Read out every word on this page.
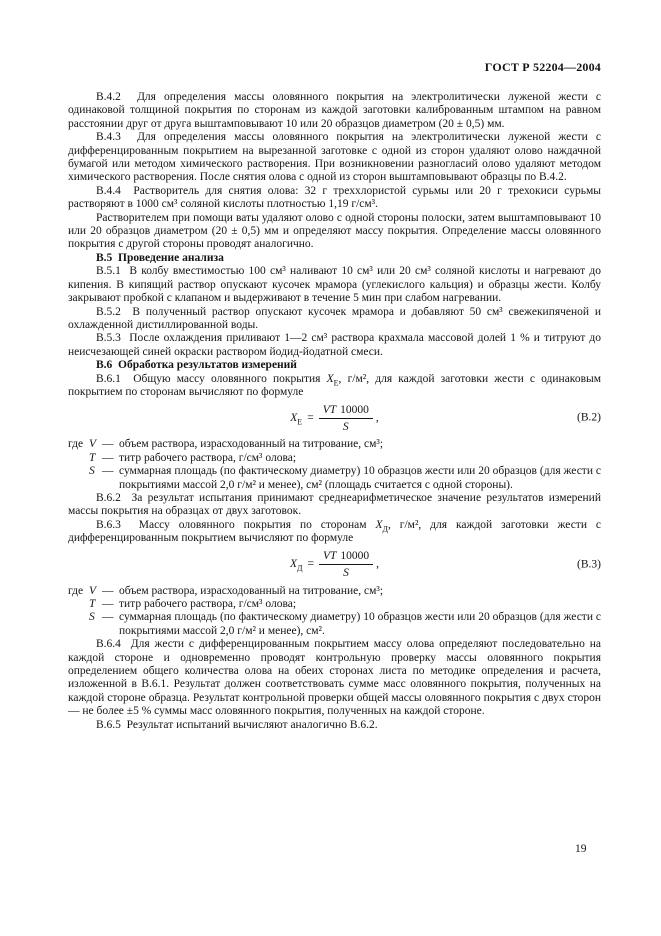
ГОСТ Р 52204—2004

В.4.2  Для определения массы оловянного покрытия на электролитически луженой жести с одинаковой толщиной покрытия по сторонам из каждой заготовки калиброванным штампом на равном расстоянии друг от друга выштамповывают 10 или 20 образцов диаметром (20 ± 0,5) мм.

В.4.3  Для определения массы оловянного покрытия на электролитически луженой жести с дифференцированным покрытием на вырезанной заготовке с одной из сторон удаляют олово наждачной бумагой или методом химического растворения. При возникновении разногласий олово удаляют методом химического растворения. После снятия олова с одной из сторон выштамповывают образцы по В.4.2.

В.4.4  Растворитель для снятия олова: 32 г треххлористой сурьмы или 20 г трехокиси сурьмы растворяют в 1000 см³ соляной кислоты плотностью 1,19 г/см³.

Растворителем при помощи ваты удаляют олово с одной стороны полоски, затем выштамповывают 10 или 20 образцов диаметром (20 ± 0,5) мм и определяют массу покрытия. Определение массы оловянного покрытия с другой стороны проводят аналогично.

В.5  Проведение анализа

В.5.1  В колбу вместимостью 100 см³ наливают 10 см³ или 20 см³ соляной кислоты и нагревают до кипения. В кипящий раствор опускают кусочек мрамора (углекислого кальция) и образцы жести. Колбу закрывают пробкой с клапаном и выдерживают в течение 5 мин при слабом нагревании.

В.5.2  В полученный раствор опускают кусочек мрамора и добавляют 50 см³ свежекипяченой и охлажденной дистиллированной воды.

В.5.3  После охлаждения приливают 1—2 см³ раствора крахмала массовой долей 1 % и титруют до неисчезающей синей окраски раствором йодид-йодатной смеси.

В.6  Обработка результатов измерений

В.6.1  Общую массу оловянного покрытия $X_Е$, г/м², для каждой заготовки жести с одинаковым покрытием по сторонам вычисляют по формуле

$X_Е = \frac{VT 10000}{S}$ ,	(В.2)
где V — объем раствора, израсходованный на титрование, см³;
T — титр рабочего раствора, г/см³ олова;
S — суммарная площадь (по фактическому диаметру) 10 образцов жести или 20 образцов (для жести с покрытиями массой 2,0 г/м² и менее), см² (площадь считается с одной стороны).

В.6.2  За результат испытания принимают среднеарифметическое значение результатов измерений массы покрытия на образцах от двух заготовок.

В.6.3  Массу оловянного покрытия по сторонам $X_Д$, г/м², для каждой заготовки жести с дифференцированным покрытием вычисляют по формуле

$X_Д = \frac{VT 10000}{S}$ ,	(В.3)
где V — объем раствора, израсходованный на титрование, см³;
T — титр рабочего раствора, г/см³ олова;
S — суммарная площадь (по фактическому диаметру) 10 образцов жести или 20 образцов (для жести с покрытиями массой 2,0 г/м² и менее), см².

В.6.4  Для жести с дифференцированным покрытием массу олова определяют последовательно на каждой стороне и одновременно проводят контрольную проверку массы оловянного покрытия определением общего количества олова на обеих сторонах листа по методике определения и расчета, изложенной в В.6.1. Результат должен соответствовать сумме масс оловянного покрытия, полученных на каждой стороне образца. Результат контрольной проверки общей массы оловянного покрытия с двух сторон — не более ±5 % суммы масс оловянного покрытия, полученных на каждой стороне.

В.6.5  Результат испытаний вычисляют аналогично В.6.2.

19
